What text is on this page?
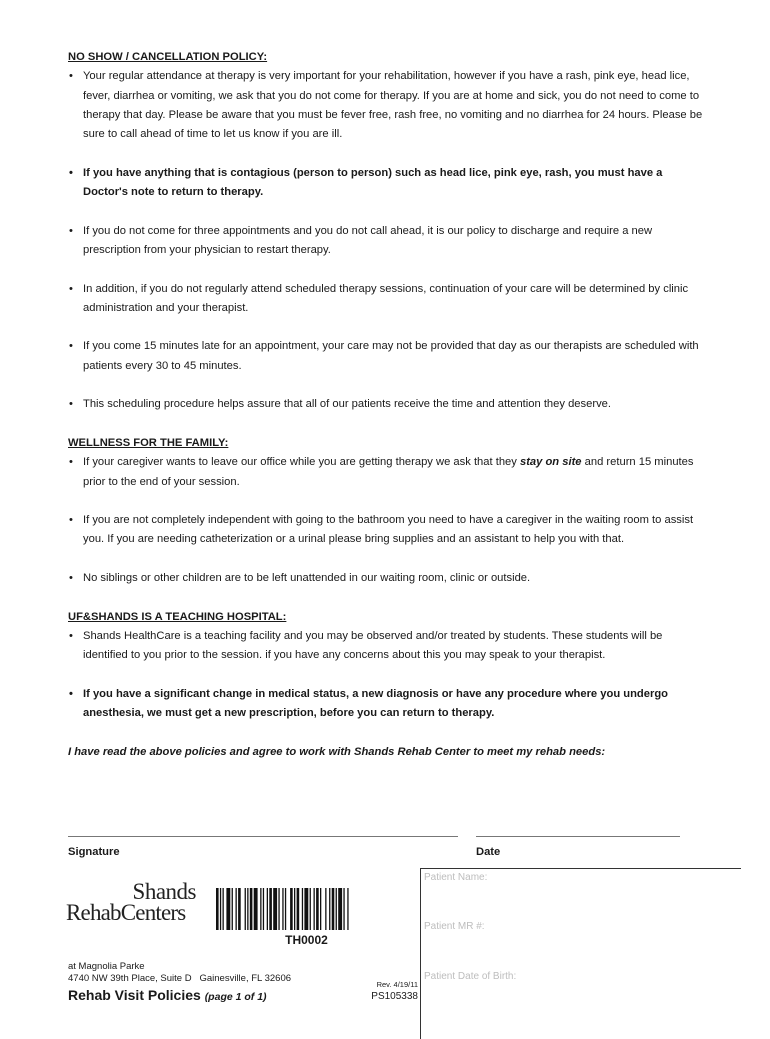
NO SHOW / CANCELLATION POLICY:

• Your regular attendance at therapy is very important for your rehabilitation, however if you have a rash, pink eye, head lice, fever, diarrhea or vomiting, we ask that you do not come for therapy. If you are at home and sick, you do not need to come to therapy that day. Please be aware that you must be fever free, rash free, no vomiting and no diarrhea for 24 hours. Please be sure to call ahead of time to let us know if you are ill.

• If you have anything that is contagious (person to person) such as head lice, pink eye, rash, you must have a Doctor's note to return to therapy.

• If you do not come for three appointments and you do not call ahead, it is our policy to discharge and require a new prescription from your physician to restart therapy.

• In addition, if you do not regularly attend scheduled therapy sessions, continuation of your care will be determined by clinic administration and your therapist.

• If you come 15 minutes late for an appointment, your care may not be provided that day as our therapists are scheduled with patients every 30 to 45 minutes.

• This scheduling procedure helps assure that all of our patients receive the time and attention they deserve.

WELLNESS FOR THE FAMILY:

• If your caregiver wants to leave our office while you are getting therapy we ask that they stay on site and return 15 minutes prior to the end of your session.

• If you are not completely independent with going to the bathroom you need to have a caregiver in the waiting room to assist you. If you are needing catheterization or a urinal please bring supplies and an assistant to help you with that.

• No siblings or other children are to be left unattended in our waiting room, clinic or outside.

UF&SHANDS IS A TEACHING HOSPITAL:

• Shands HealthCare is a teaching facility and you may be observed and/or treated by students. These students will be identified to you prior to the session. if you have any concerns about this you may speak to your therapist.

• If you have a significant change in medical status, a new diagnosis or have any procedure where you undergo anesthesia, we must get a new prescription, before you can return to therapy.

I have read the above policies and agree to work with Shands Rehab Center to meet my rehab needs:

Signature	Date
Shands
RehabCenters
TH0002
at Magnolia Parke
4740 NW 39th Place, Suite D   Gainesville, FL 32606
Rehab Visit Policies (page 1 of 1)
Rev. 4/19/11
PS105338
Patient Name:
Patient MR #:
Patient Date of Birth:
